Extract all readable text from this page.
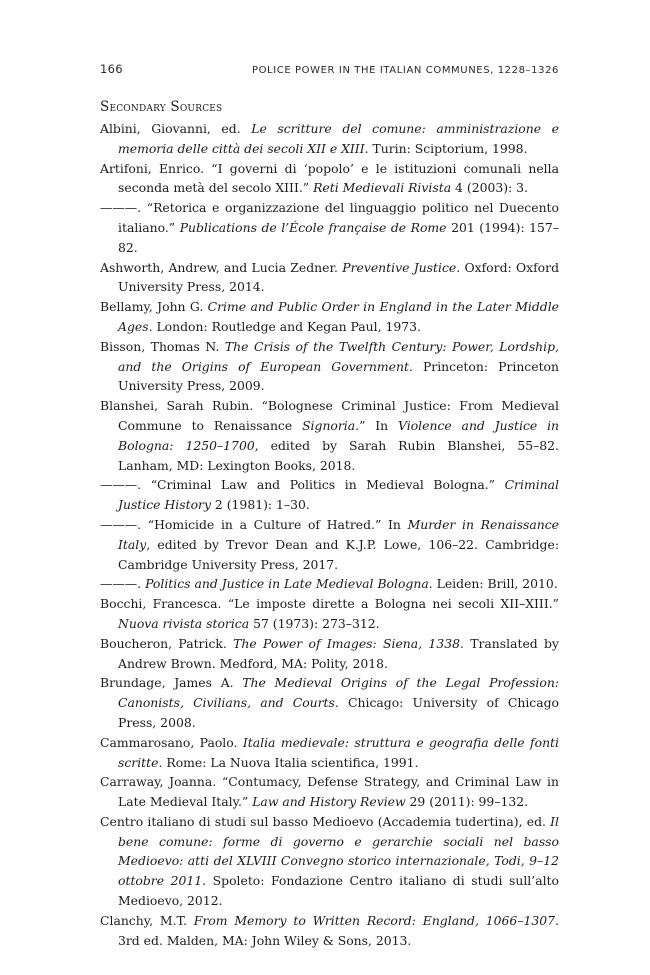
166	POLICE POWER IN THE ITALIAN COMMUNES, 1228–1326
Secondary Sources

Albini, Giovanni, ed. Le scritture del comune: amministrazione e memoria delle città dei secoli XII e XIII. Turin: Sciptorium, 1998.

Artifoni, Enrico. “I governi di ‘popolo’ e le istituzioni comunali nella seconda metà del secolo XIII.” Reti Medievali Rivista 4 (2003): 3.

———. “Retorica e organizzazione del linguaggio politico nel Duecento italiano.” Publications de l’École française de Rome 201 (1994): 157–82.

Ashworth, Andrew, and Lucia Zedner. Preventive Justice. Oxford: Oxford University Press, 2014.

Bellamy, John G. Crime and Public Order in England in the Later Middle Ages. London: Routledge and Kegan Paul, 1973.

Bisson, Thomas N. The Crisis of the Twelfth Century: Power, Lordship, and the Origins of European Government. Princeton: Princeton University Press, 2009.

Blanshei, Sarah Rubin. “Bolognese Criminal Justice: From Medieval Commune to Renaissance Signoria.” In Violence and Justice in Bologna: 1250–1700, edited by Sarah Rubin Blanshei, 55–82. Lanham, MD: Lexington Books, 2018.

———. “Criminal Law and Politics in Medieval Bologna.” Criminal Justice History 2 (1981): 1–30.

———. “Homicide in a Culture of Hatred.” In Murder in Renaissance Italy, edited by Trevor Dean and K.J.P. Lowe, 106–22. Cambridge: Cambridge University Press, 2017.

———. Politics and Justice in Late Medieval Bologna. Leiden: Brill, 2010.

Bocchi, Francesca. “Le imposte dirette a Bologna nei secoli XII–XIII.” Nuova rivista storica 57 (1973): 273–312.

Boucheron, Patrick. The Power of Images: Siena, 1338. Translated by Andrew Brown. Medford, MA: Polity, 2018.

Brundage, James A. The Medieval Origins of the Legal Profession: Canonists, Civilians, and Courts. Chicago: University of Chicago Press, 2008.

Cammarosano, Paolo. Italia medievale: struttura e geografia delle fonti scritte. Rome: La Nuova Italia scientifica, 1991.

Carraway, Joanna. “Contumacy, Defense Strategy, and Criminal Law in Late Medieval Italy.” Law and History Review 29 (2011): 99–132.

Centro italiano di studi sul basso Medioevo (Accademia tudertina), ed. Il bene comune: forme di governo e gerarchie sociali nel basso Medioevo: atti del XLVIII Convegno storico internazionale, Todi, 9–12 ottobre 2011. Spoleto: Fondazione Centro italiano di studi sull’alto Medioevo, 2012.

Clanchy, M.T. From Memory to Written Record: England, 1066–1307. 3rd ed. Malden, MA: John Wiley & Sons, 2013.
